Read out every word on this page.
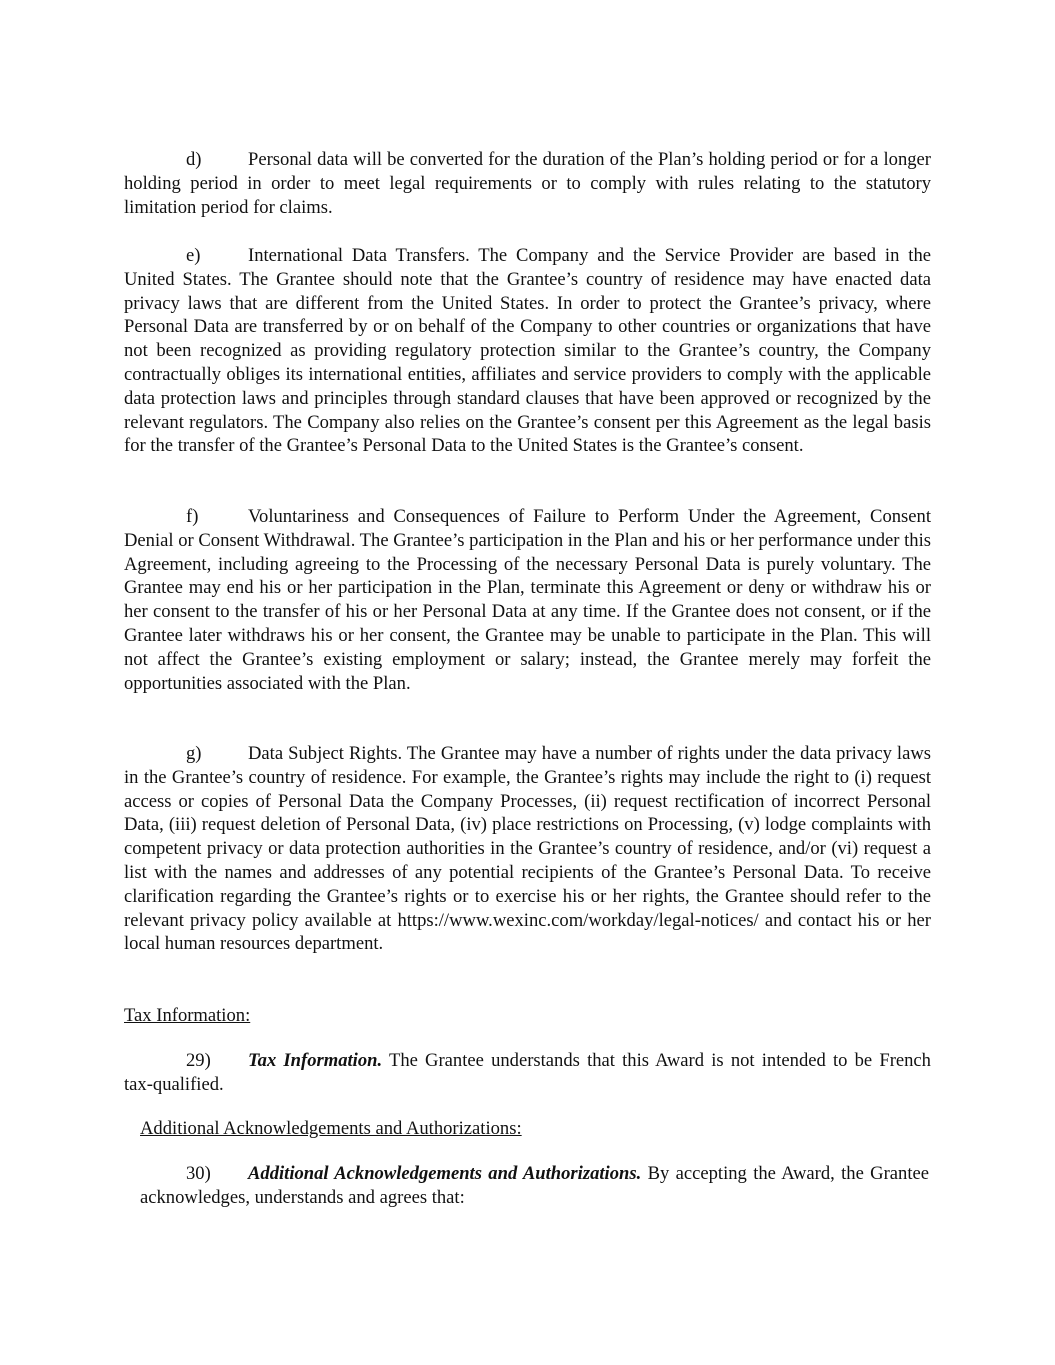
d)	Personal data will be converted for the duration of the Plan’s holding period or for a longer holding period in order to meet legal requirements or to comply with rules relating to the statutory limitation period for claims.

e)	International Data Transfers. The Company and the Service Provider are based in the United States. The Grantee should note that the Grantee’s country of residence may have enacted data privacy laws that are different from the United States. In order to protect the Grantee’s privacy, where Personal Data are transferred by or on behalf of the Company to other countries or organizations that have not been recognized as providing regulatory protection similar to the Grantee’s country, the Company contractually obliges its international entities, affiliates and service providers to comply with the applicable data protection laws and principles through standard clauses that have been approved or recognized by the relevant regulators. The Company also relies on the Grantee’s consent per this Agreement as the legal basis for the transfer of the Grantee’s Personal Data to the United States is the Grantee’s consent.

f)	Voluntariness and Consequences of Failure to Perform Under the Agreement, Consent Denial or Consent Withdrawal. The Grantee’s participation in the Plan and his or her performance under this Agreement, including agreeing to the Processing of the necessary Personal Data is purely voluntary. The Grantee may end his or her participation in the Plan, terminate this Agreement or deny or withdraw his or her consent to the transfer of his or her Personal Data at any time. If the Grantee does not consent, or if the Grantee later withdraws his or her consent, the Grantee may be unable to participate in the Plan. This will not affect the Grantee’s existing employment or salary; instead, the Grantee merely may forfeit the opportunities associated with the Plan.

g)	Data Subject Rights. The Grantee may have a number of rights under the data privacy laws in the Grantee’s country of residence. For example, the Grantee’s rights may include the right to (i) request access or copies of Personal Data the Company Processes, (ii) request rectification of incorrect Personal Data, (iii) request deletion of Personal Data, (iv) place restrictions on Processing, (v) lodge complaints with competent privacy or data protection authorities in the Grantee’s country of residence, and/or (vi) request a list with the names and addresses of any potential recipients of the Grantee’s Personal Data. To receive clarification regarding the Grantee’s rights or to exercise his or her rights, the Grantee should refer to the relevant privacy policy available at https://www.wexinc.com/workday/legal-notices/ and contact his or her local human resources department.

Tax Information:

29) Tax Information. The Grantee understands that this Award is not intended to be French tax-qualified.

Additional Acknowledgements and Authorizations:

30) Additional Acknowledgements and Authorizations. By accepting the Award, the Grantee acknowledges, understands and agrees that:
